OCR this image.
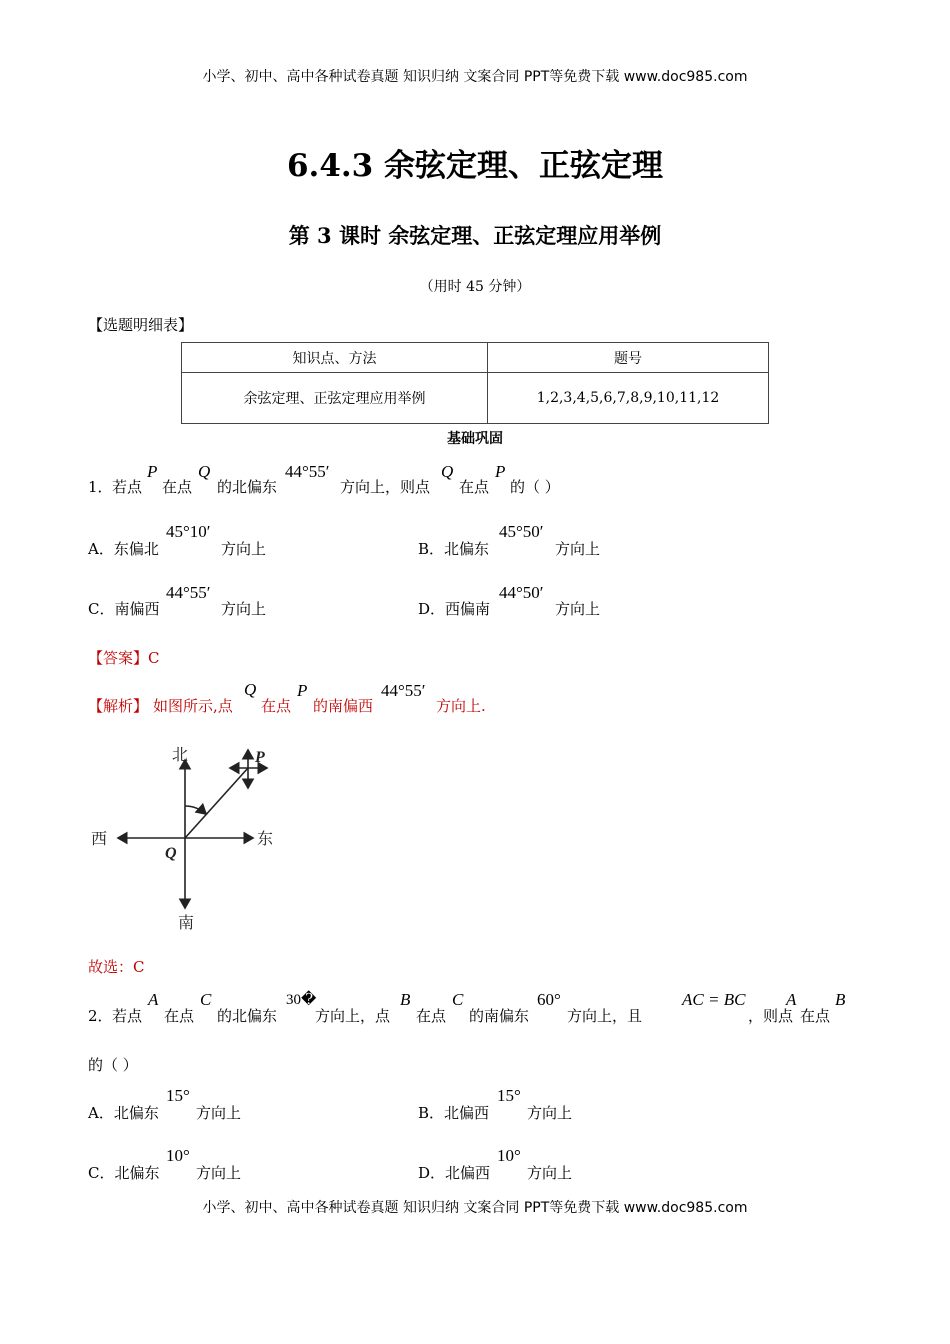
小学、初中、高中各种试卷真题 知识归纳 文案合同 PPT等免费下载 www.doc985.com
小学、初中、高中各种试卷真题 知识归纳 文案合同 PPT等免费下载 www.doc985.com
6.4.3 余弦定理、正弦定理
第 3 课时 余弦定理、正弦定理应用举例
（用时 45 分钟）
【选题明细表】
知识点、方法	题号
余弦定理、正弦定理应用举例	1,2,3,4,5,6,7,8,9,10,11,12
基础巩固
1． 若点
P
在点
Q
的北偏东
44°55′
方向上，则点
Q
在点
P
的（ ）
A．东偏北
45°10′
方向上	B．北偏东
45°50′
方向上
C．南偏西
44°55′
方向上	D．西偏南
44°50′
方向上
【答案】C
【解析】 如图所示,点
Q
在点
P
的南偏西
44°55′
方向上.
北
南
东
西
P
Q
故选：C
2． 若点
A
在点
C
的北偏东
30�
方向上，点
B
在点
C
的南偏东
60°
方向上，且
AC = BC
，则点
A
在点
B
的（ ）
A．北偏东
15°
方向上	B．北偏西
15°
方向上
C．北偏东
10°
方向上	D．北偏西
10°
方向上
